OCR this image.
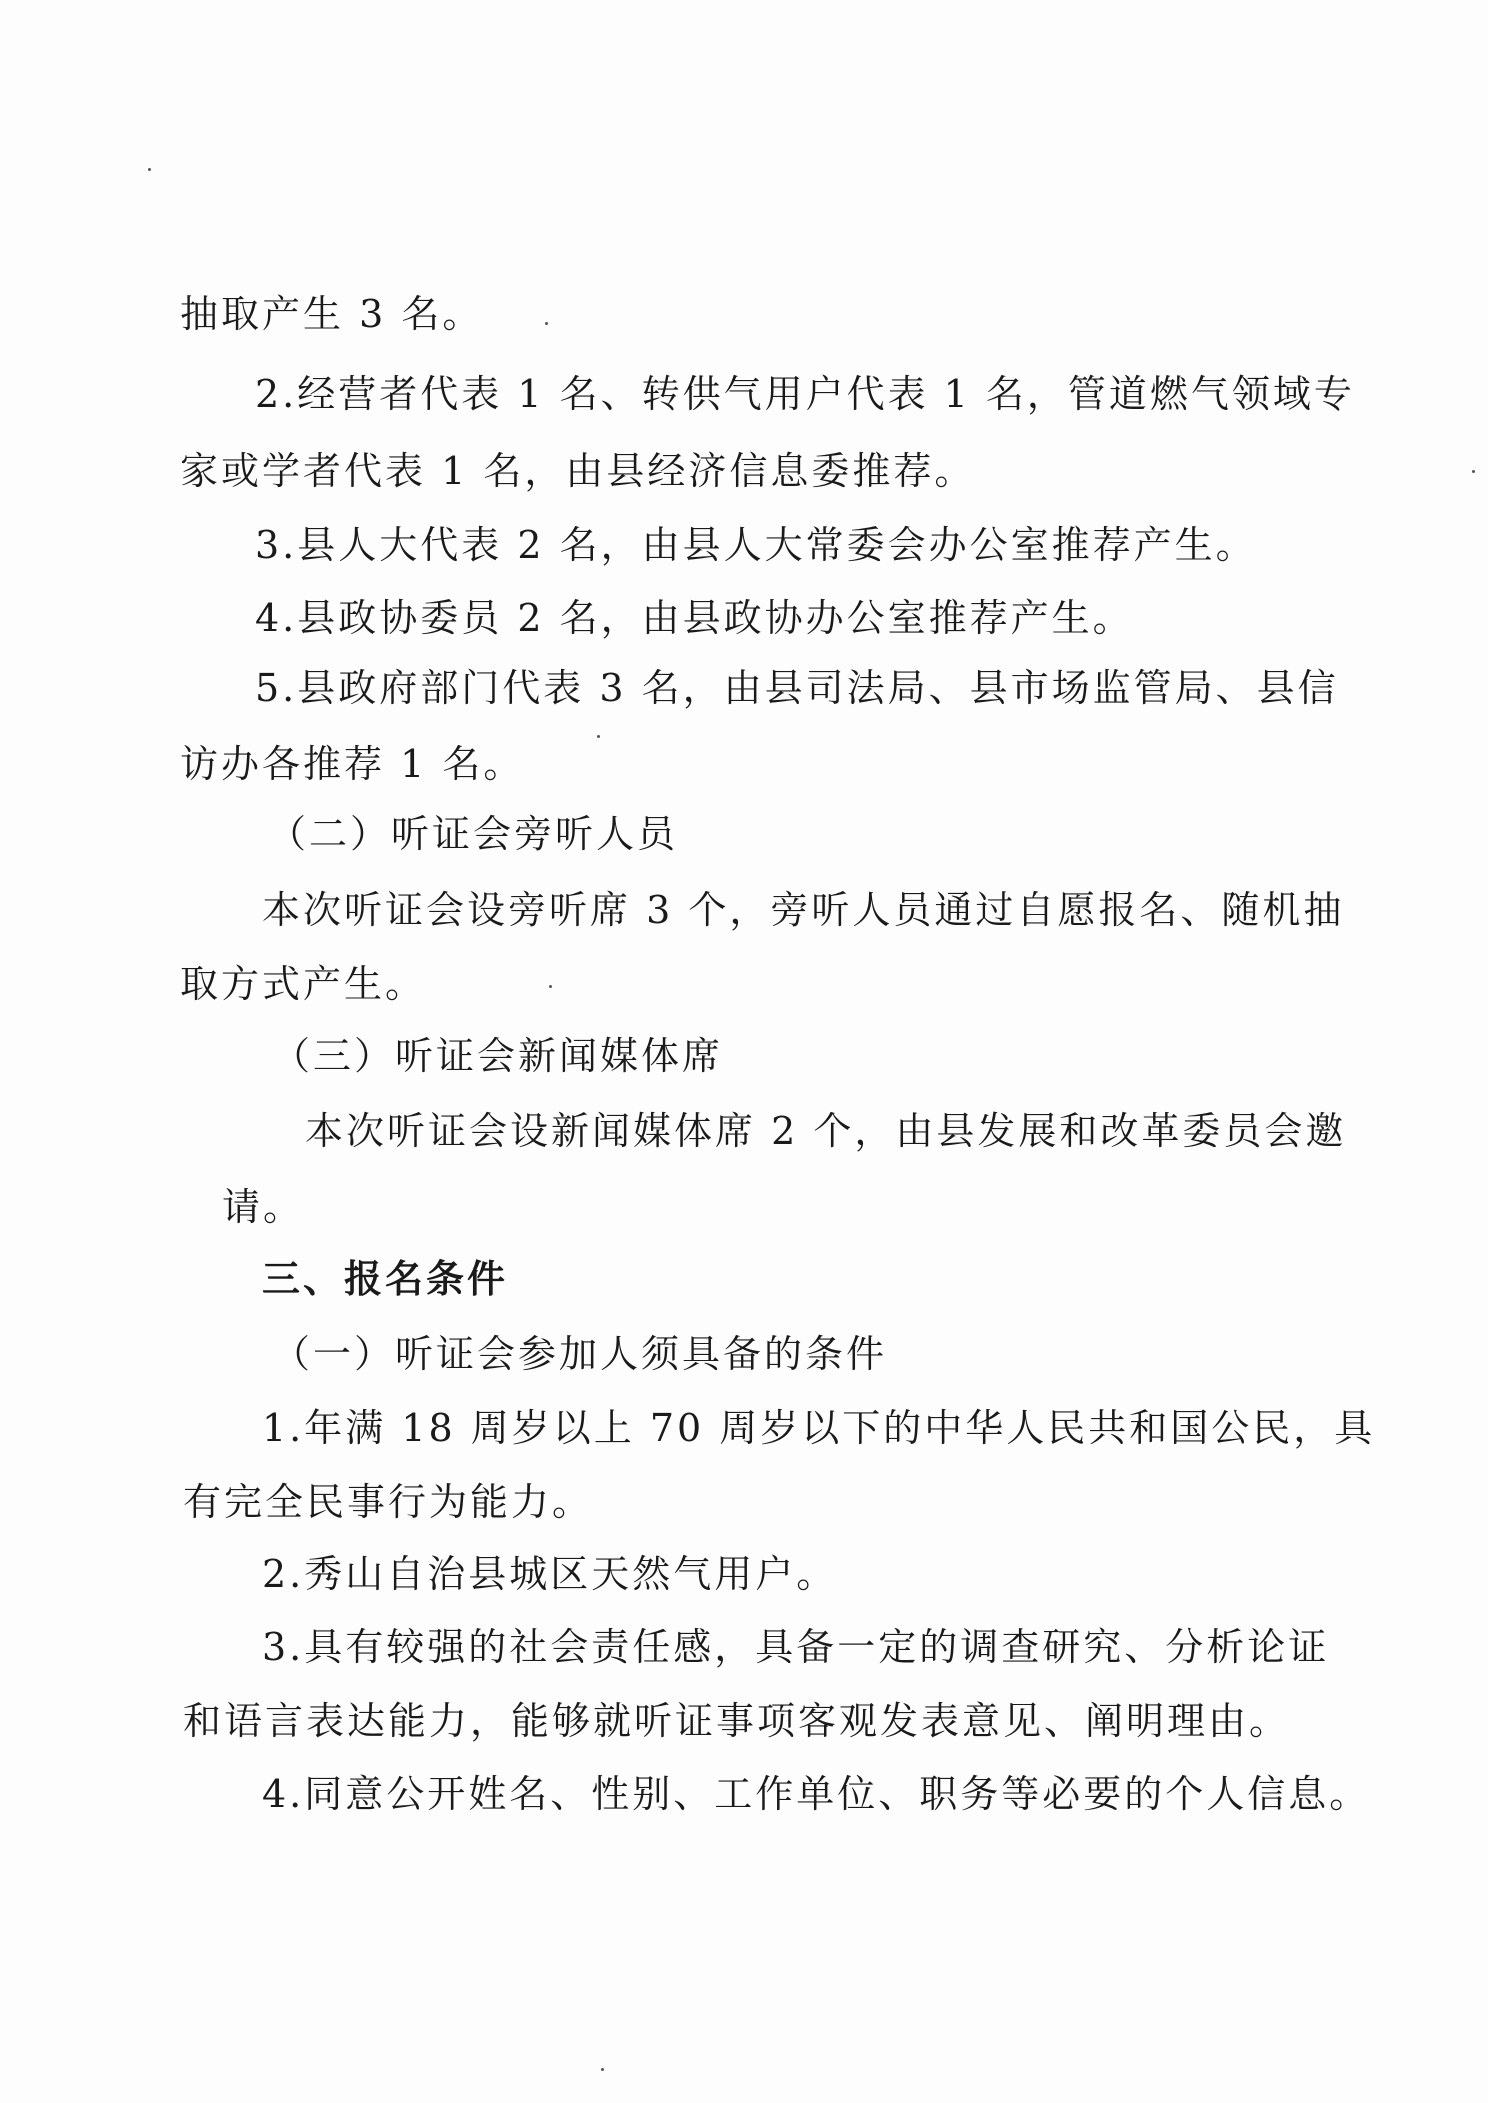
抽取产生 3 名。
2.经营者代表 1 名、转供气用户代表 1 名，管道燃气领域专
家或学者代表 1 名，由县经济信息委推荐。
3.县人大代表 2 名，由县人大常委会办公室推荐产生。
4.县政协委员 2 名，由县政协办公室推荐产生。
5.县政府部门代表 3 名，由县司法局、县市场监管局、县信
访办各推荐 1 名。
（二）听证会旁听人员
本次听证会设旁听席 3 个，旁听人员通过自愿报名、随机抽
取方式产生。
（三）听证会新闻媒体席
本次听证会设新闻媒体席 2 个，由县发展和改革委员会邀
请。
三、报名条件
（一）听证会参加人须具备的条件
1.年满 18 周岁以上 70 周岁以下的中华人民共和国公民，具
有完全民事行为能力。
2.秀山自治县城区天然气用户。
3.具有较强的社会责任感，具备一定的调查研究、分析论证
和语言表达能力，能够就听证事项客观发表意见、阐明理由。
4.同意公开姓名、性别、工作单位、职务等必要的个人信息。
